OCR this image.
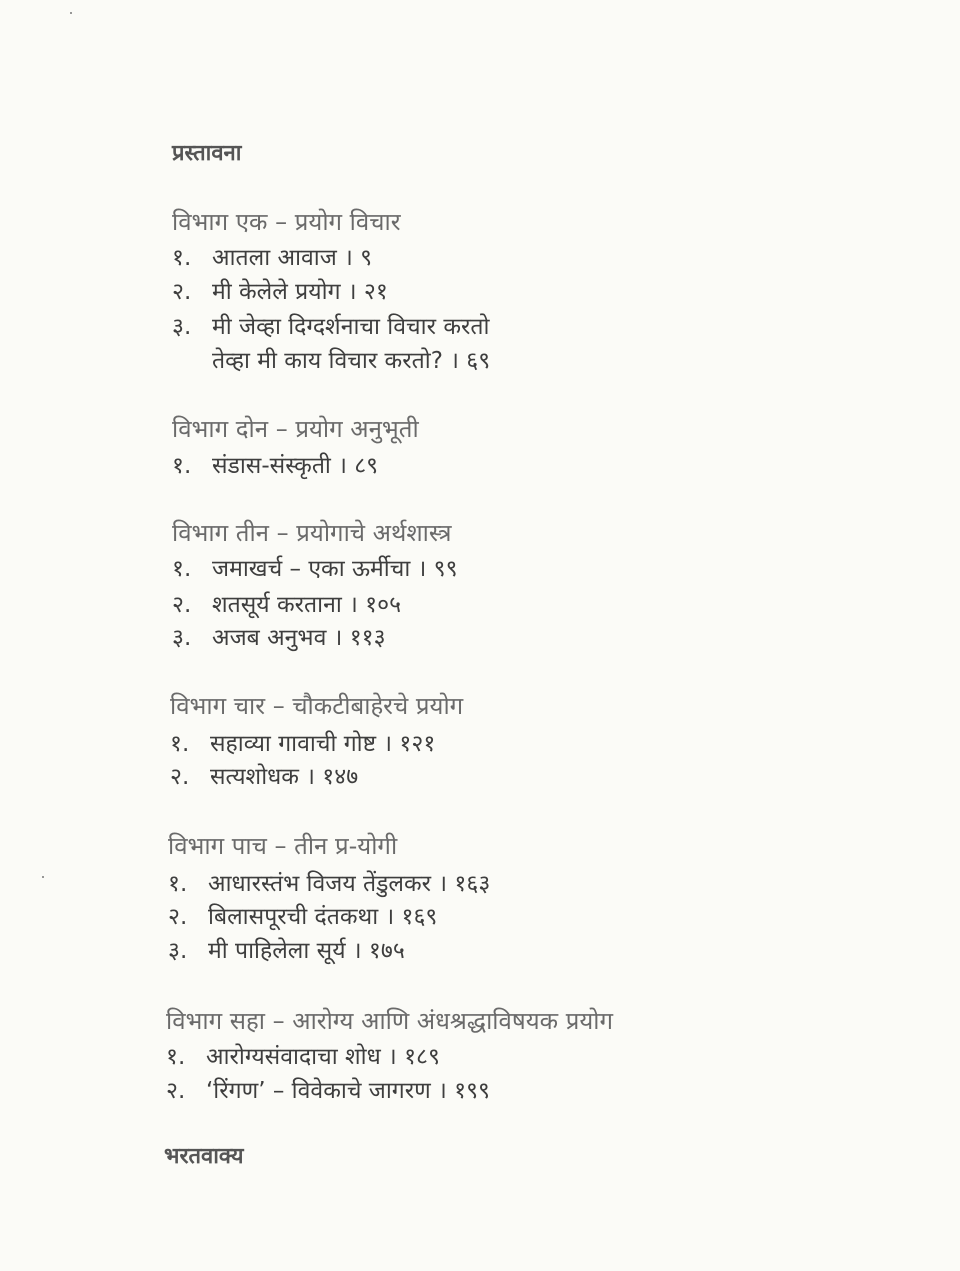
प्रस्तावना
विभाग एक – प्रयोग विचार
१. आतला आवाज । ९
२. मी केलेले प्रयोग । २१
३. मी जेव्हा दिग्दर्शनाचा विचार करतो
तेव्हा मी काय विचार करतो? । ६९
विभाग दोन – प्रयोग अनुभूती
१. संडास-संस्कृती । ८९
विभाग तीन – प्रयोगाचे अर्थशास्त्र
१. जमाखर्च – एका ऊर्मीचा । ९९
२. शतसूर्य करताना । १०५
३. अजब अनुभव । ११३
विभाग चार – चौकटीबाहेरचे प्रयोग
१. सहाव्या गावाची गोष्ट । १२१
२. सत्यशोधक । १४७
विभाग पाच – तीन प्र-योगी
१. आधारस्तंभ विजय तेंडुलकर । १६३
२. बिलासपूरची दंतकथा । १६९
३. मी पाहिलेला सूर्य । १७५
विभाग सहा – आरोग्य आणि अंधश्रद्धाविषयक प्रयोग
१. आरोग्यसंवादाचा शोध । १८९
२. ‘रिंगण’ – विवेकाचे जागरण । १९९
भरतवाक्य
